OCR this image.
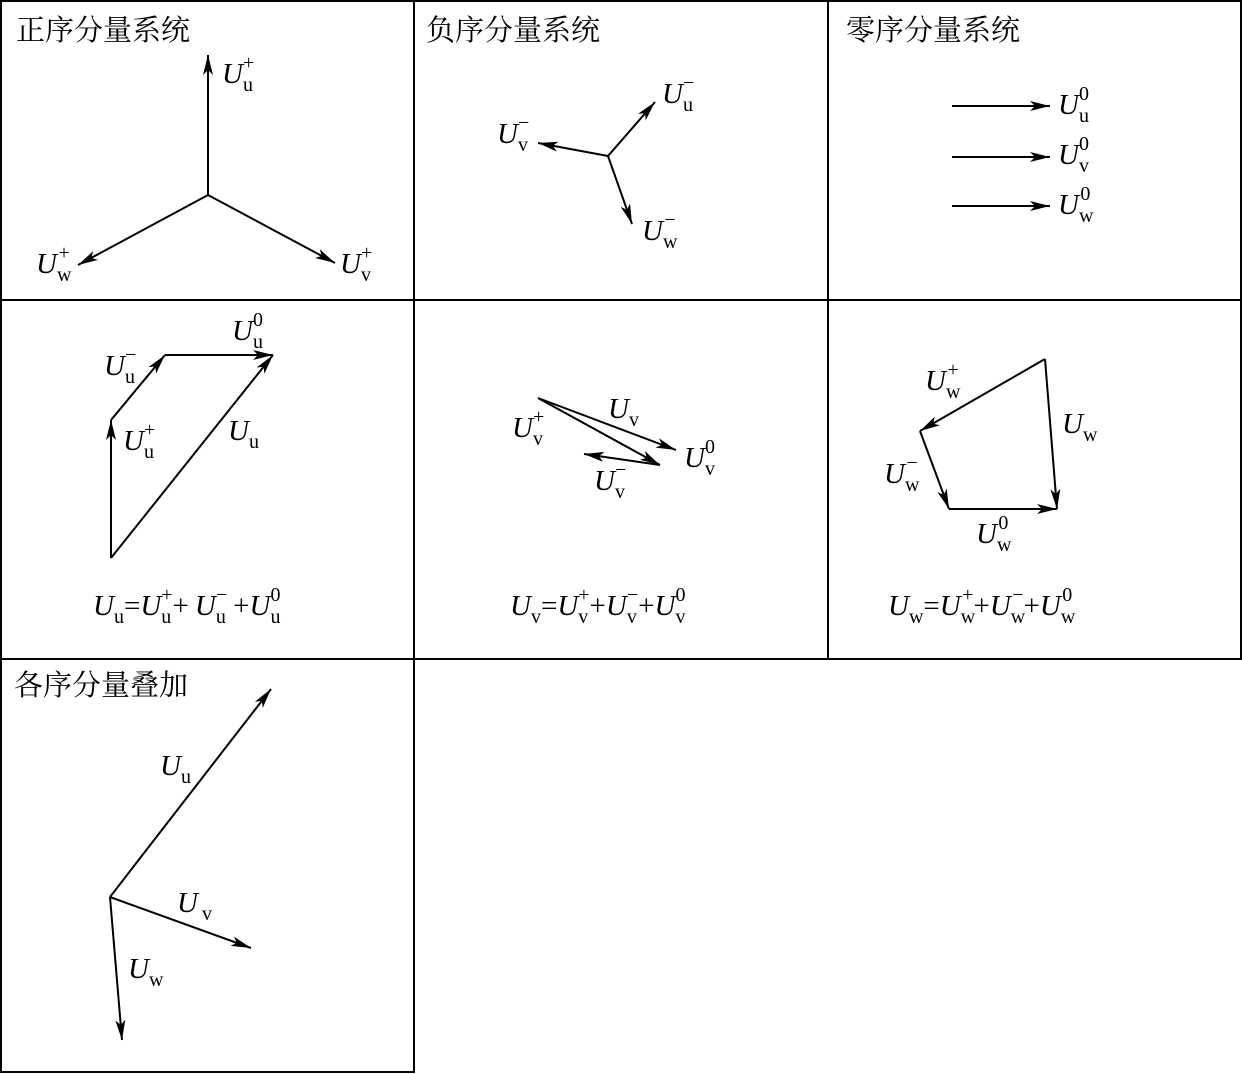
正序分量系统
Uu+
Uw+	Uv+
负序分量系统
Uu−
Uv−
Uw−
零序分量系统
Uu0
Uv0
Uw0
Uu0
Uu−
Uu+	Uu
$U_u=U_u++ U_u- +U_u0$
Uv
Uv+
Uv0
Uv−
$U_v=U_v++U_v-+U_v0$
Uw+
Uw
Uw−
Uw0
$U_w=U_w++U_w-+U_w0$
各序分量叠加
Uu
U v
Uw
